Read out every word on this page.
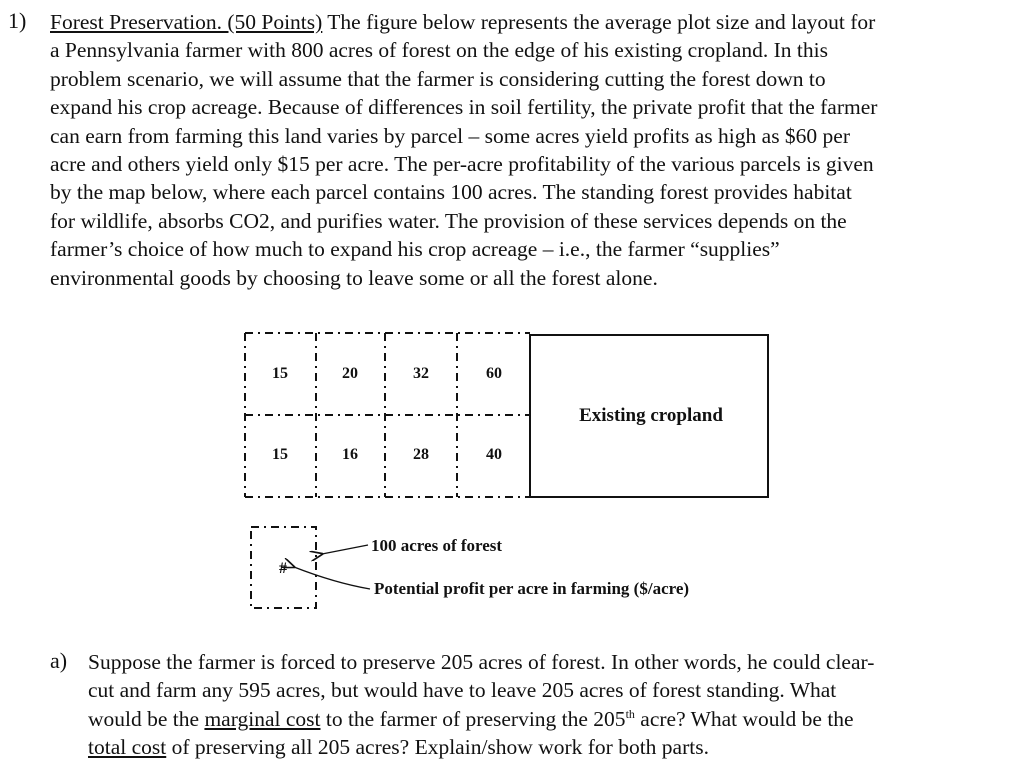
1) Forest Preservation. (50 Points) The figure below represents the average plot size and layout for
a Pennsylvania farmer with 800 acres of forest on the edge of his existing cropland. In this
problem scenario, we will assume that the farmer is considering cutting the forest down to
expand his crop acreage. Because of differences in soil fertility, the private profit that the farmer
can earn from farming this land varies by parcel – some acres yield profits as high as $60 per
acre and others yield only $15 per acre. The per-acre profitability of the various parcels is given
by the map below, where each parcel contains 100 acres. The standing forest provides habitat
for wildlife, absorbs CO2, and purifies water. The provision of these services depends on the
farmer’s choice of how much to expand his crop acreage – i.e., the farmer “supplies”
environmental goods by choosing to leave some or all the forest alone.
15	20	32	60
15	16	28	40
Existing cropland
#
100 acres of forest
Potential profit per acre in farming ($/acre)
a) Suppose the farmer is forced to preserve 205 acres of forest. In other words, he could clear-
cut and farm any 595 acres, but would have to leave 205 acres of forest standing. What
would be the marginal cost to the farmer of preserving the 205th acre? What would be the
total cost of preserving all 205 acres? Explain/show work for both parts.
